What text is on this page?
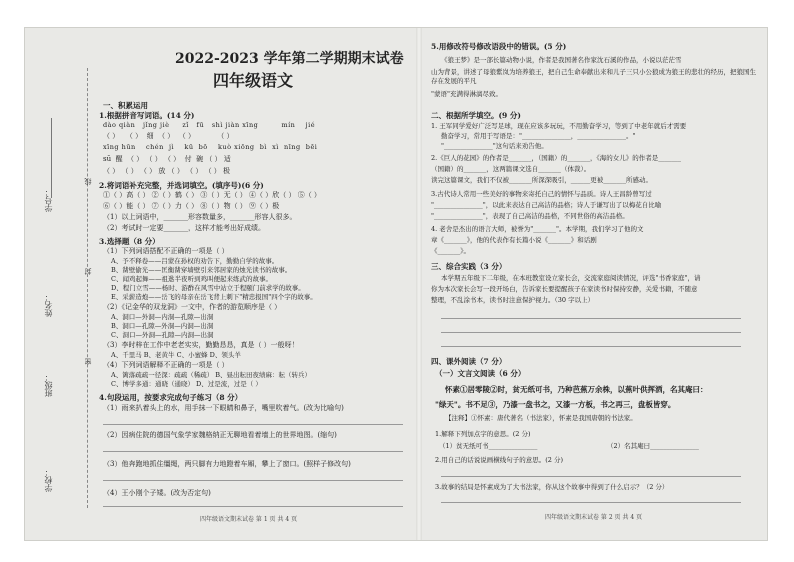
学号：
姓名：
班级：
学校：
线
封
密
2022-2023 学年第二学期期末试卷
四年级语文
一、积累运用
1.根据拼音写词语。(14 分)
dào qiàn jǐng jiè zǐ fū shì jiàn xīng	mín jié
（ ） （ ） 细 （ ） （ ）	（ ）
xīng hūn chén jì kū bō kuò xiōng bì xì nīng bēi
sū 醒 （ ） （ ） （ ） 付 碗 （ ） 适
（ ） （ ） （ ） 放 （ ） （ ） （ ） 极
2.将词语补充完整，并选词填空。(填序号)(6 分)
①（ ）高（ ） ②（ ）鹤（ ） ③（ ）无（ ） ④（ ）欣（ ） ⑤（ ）
⑥（ ）能（ ） ⑦（ ）力（ ） ⑧（ ）物（ ） ⑨（ ）极
（1）以上词语中，_______形容数量多，_______形容人很多。
（2）考试时一定要_______，这样才能考出好成绩。
3.选择题（8 分）
（1）下列词语搭配不正确的一项是（ ）
A、予不释卷——吕蒙在孙权的劝告下，勤勤自学的故事。
B、凿壁偷光——匡衡凿穿墙壁引来邻居家的烛光读书的故事。
C、闻鸡起舞——祖逖半夜听到鸡叫便起来练武的故事。
D、程门立雪——杨时、游酢在风雪中站立于程颐门前求学的故事。
E、采薪造炮——岳飞的母亲在岳飞背上刺下"精忠报国"四个字的故事。
（2）《记金华的双龙洞》一文中，作者的游览顺序是（ ）
A、洞口—外洞—内洞—孔隙—出洞
B、洞口—孔隙—外洞—内洞—出洞
C、洞口—外洞—孔隙—内洞—出洞
（3）李时梓在工作中老老实实，勤勤恳恳，真是（ ）一般呀！
A、千里马 B、老黄牛 C、小蜜蜂 D、领头羊
（4）下列词语解释不正确的一项是（ ）
A、篱落疏疏一径深：疏疏（稀疏） B、昼出耘田夜绩麻：耘（转兵）
C、博学多通：通晓（通晓） D、过是流，过是（ ）
4.句段运用，按要求完成句子练习（8 分）
（1）雨来扒着头上的水，用手抹一下眼睛和鼻子，嘴里吹着气。(改为比喻句)
（2）因病住院的德国气象学家魏格纳正无聊地看着墙上的世界地图。(缩句)
（3）他奔跑地抓住缰绳，两只脚有力地蹬着车厢，攀上了窗口。(照样子修改句)
（4）王小刚个子矮。(改为否定句)
四年级语文期末试卷 第 1 页 共 4 页
5.用修改符号修改语段中的错误。(5 分)
《狼王梦》是一部长篇动物小说，作者是我国著名作家沈石溪的作品，小说以茫茫雪
山为背景，讲述了母狼紫岚为培养狼王，把自己生命奉献出来和儿子三只小公狼成为狼王的悲壮的经历，把狼国生存在发展的平凡
"蒙语"充满得淋漓尽致。
二、根据所学填空。(9 分)
1. 王军同学爱好广泛写足球，现在应该多玩玩，不用勤奋学习，等到了中老年就后才需要
勤奋学习，常用于写语是："_______________，_______________。"
"_______________"这句话来劝告他。
2.《巨人的花园》的作者是_______，（国籍）的_______，《海的女儿》的作者是_______
（国籍）的_______，这两篇课文选自_______（体裁）。
读完这篇课文，我们不仅被_______所深深吸引，______更被_______所感动。
3.古代诗人常用一些美好的事物来寄托自己的情怀与品质。诗人王昌龄曾写过
"_______________"，以此来表达自己高洁的品格；诗人于谦写出了以梅花自比喻
"_______________"，表现了自己高洁的品格，不同世俗的高洁品格。
4. 老舍是杰出的语言大师，被誉为"_______"。本学期，我们学习了他的文
章《_______》，他的代表作有长篇小说《_______》和话剧
《_______》。
三、综合实践（3 分）
本学期五年级下二年级，在本班教室设立家长会，交流家庭阅读情况，评选"书香家庭"，请
你为本次家长会写一段开场白，告诉家长要提醒孩子在家读书时保持安静，关爱书籍，不随意
整理，不乱涂书本，读书时注意保护视力。（30 字以上）
四、课外阅读（7 分）
（一）文言文阅读（6 分）
怀素①居零陵②时，贫无纸可书，乃种芭蕉万余株，以蕉叶供挥洒，名其庵曰：
"绿天"。书不足③，乃漆一盘书之，又漆一方板，书之再三，盘板皆穿。
【注释】①怀素：唐代著名（书法家），怀素是我国唐朝的书法家。
1.解释下列加点字的意思。(2 分)
（1）贫无纸可书_______________	（2）名其庵曰_______________
2.用自己的话说说画横线句子的意思。(2 分)
3.故事的结局是怀素成为了大书法家，你从这个故事中得到了什么启示？（2 分）
四年级语文期末试卷 第 2 页 共 4 页
